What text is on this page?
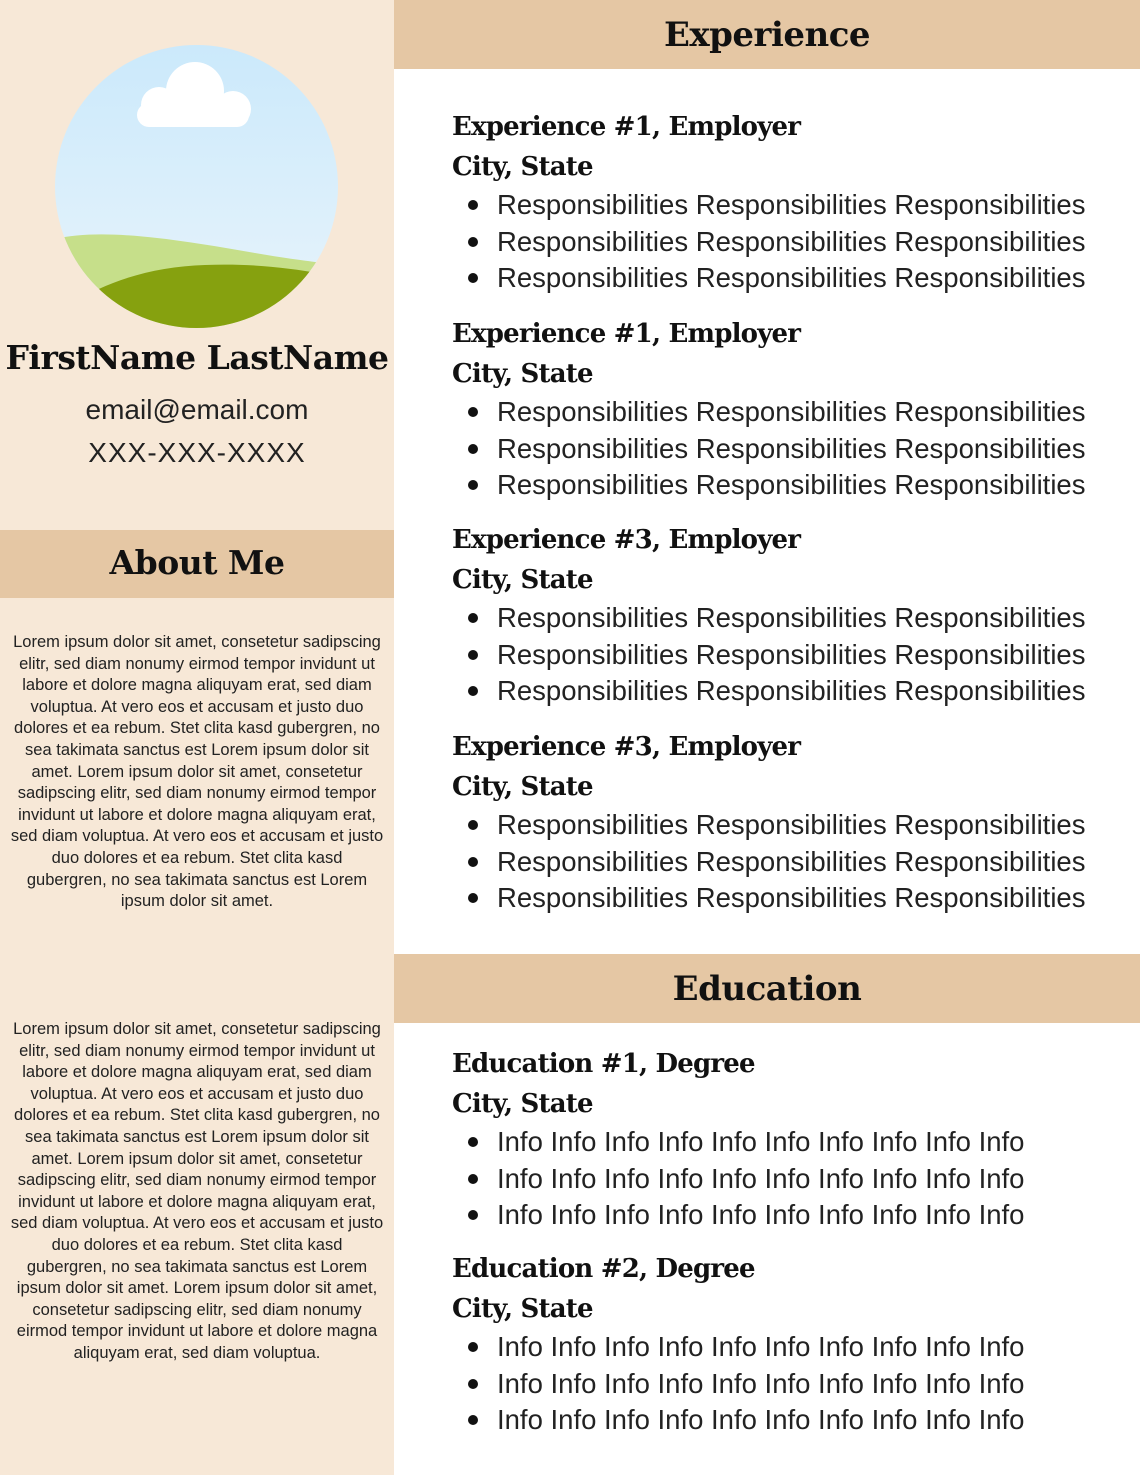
FirstName LastName
email@email.com
XXX-XXX-XXXX
About Me
Lorem ipsum dolor sit amet, consetetur sadipscing elitr, sed diam nonumy eirmod tempor invidunt ut labore et dolore magna aliquyam erat, sed diam voluptua. At vero eos et accusam et justo duo dolores et ea rebum. Stet clita kasd gubergren, no sea takimata sanctus est Lorem ipsum dolor sit amet. Lorem ipsum dolor sit amet, consetetur sadipscing elitr, sed diam nonumy eirmod tempor invidunt ut labore et dolore magna aliquyam erat, sed diam voluptua. At vero eos et accusam et justo duo dolores et ea rebum. Stet clita kasd gubergren, no sea takimata sanctus est Lorem ipsum dolor sit amet.
Lorem ipsum dolor sit amet, consetetur sadipscing elitr, sed diam nonumy eirmod tempor invidunt ut labore et dolore magna aliquyam erat, sed diam voluptua. At vero eos et accusam et justo duo dolores et ea rebum. Stet clita kasd gubergren, no sea takimata sanctus est Lorem ipsum dolor sit amet. Lorem ipsum dolor sit amet, consetetur sadipscing elitr, sed diam nonumy eirmod tempor invidunt ut labore et dolore magna aliquyam erat, sed diam voluptua. At vero eos et accusam et justo duo dolores et ea rebum. Stet clita kasd gubergren, no sea takimata sanctus est Lorem ipsum dolor sit amet. Lorem ipsum dolor sit amet, consetetur sadipscing elitr, sed diam nonumy eirmod tempor invidunt ut labore et dolore magna aliquyam erat, sed diam voluptua.
Experience
Experience #1, Employer
City, State
Responsibilities Responsibilities Responsibilities
Responsibilities Responsibilities Responsibilities
Responsibilities Responsibilities Responsibilities
Experience #1, Employer
City, State
Responsibilities Responsibilities Responsibilities
Responsibilities Responsibilities Responsibilities
Responsibilities Responsibilities Responsibilities
Experience #3, Employer
City, State
Responsibilities Responsibilities Responsibilities
Responsibilities Responsibilities Responsibilities
Responsibilities Responsibilities Responsibilities
Experience #3, Employer
City, State
Responsibilities Responsibilities Responsibilities
Responsibilities Responsibilities Responsibilities
Responsibilities Responsibilities Responsibilities
Education
Education #1, Degree
City, State
Info Info Info Info Info Info Info Info Info Info
Info Info Info Info Info Info Info Info Info Info
Info Info Info Info Info Info Info Info Info Info
Education #2, Degree
City, State
Info Info Info Info Info Info Info Info Info Info
Info Info Info Info Info Info Info Info Info Info
Info Info Info Info Info Info Info Info Info Info
